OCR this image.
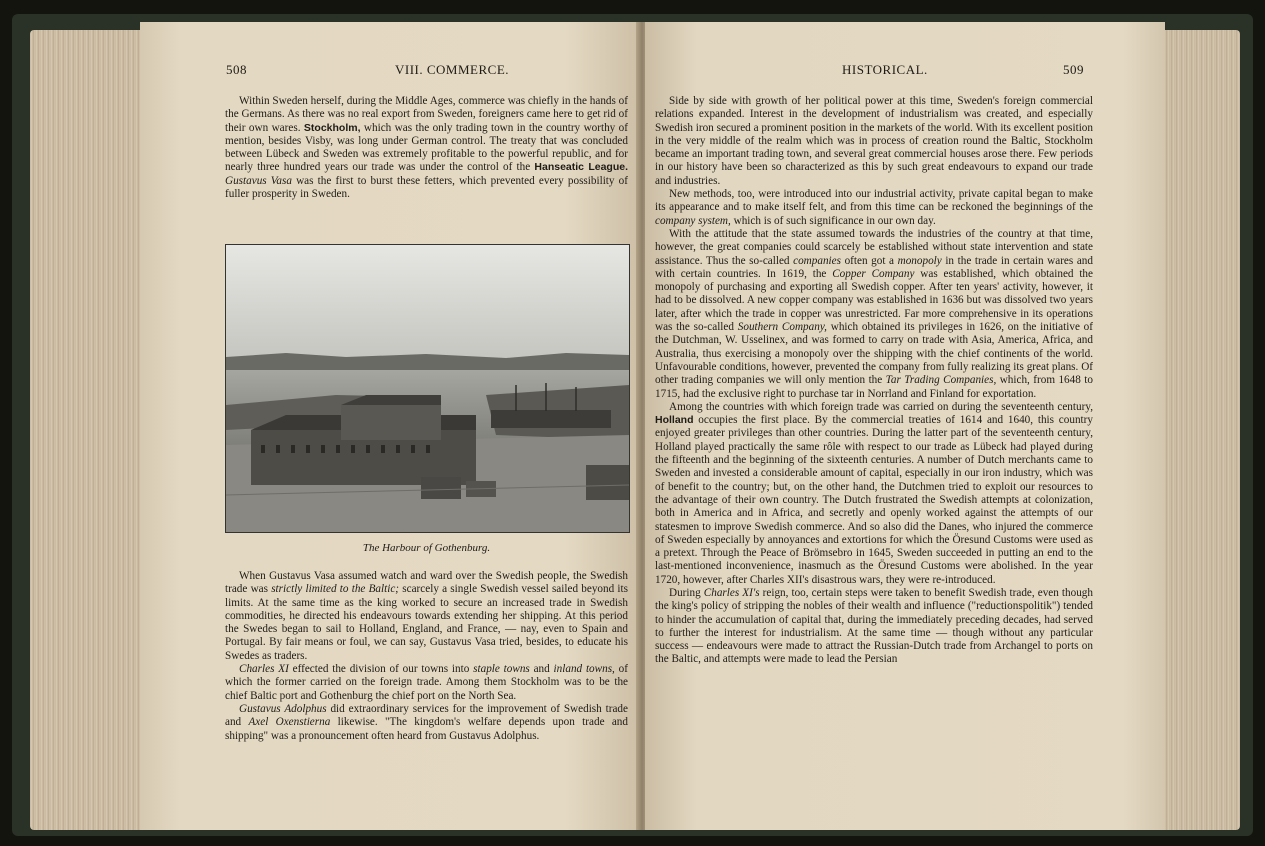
508	VIII. COMMERCE.

Within Sweden herself, during the Middle Ages, commerce was chiefly in the hands of the Germans. As there was no real export from Sweden, foreigners came here to get rid of their own wares. Stockholm, which was the only trading town in the country worthy of mention, besides Visby, was long under German control. The treaty that was concluded between Lübeck and Sweden was extremely profitable to the powerful republic, and for nearly three hundred years our trade was under the control of the Hanseatic League. Gustavus Vasa was the first to burst these fetters, which prevented every possibility of fuller prosperity in Sweden.

The Harbour of Gothenburg.

When Gustavus Vasa assumed watch and ward over the Swedish people, the Swedish trade was strictly limited to the Baltic; scarcely a single Swedish vessel sailed beyond its limits. At the same time as the king worked to secure an increased trade in Swedish commodities, he directed his endeavours towards extending her shipping. At this period the Swedes began to sail to Holland, England, and France, — nay, even to Spain and Portugal. By fair means or foul, we can say, Gustavus Vasa tried, besides, to educate his Swedes as traders.

Charles XI effected the division of our towns into staple towns and inland towns, of which the former carried on the foreign trade. Among them Stockholm was to be the chief Baltic port and Gothenburg the chief port on the North Sea.

Gustavus Adolphus did extraordinary services for the improvement of Swedish trade and Axel Oxenstierna likewise. "The kingdom's welfare depends upon trade and shipping" was a pronouncement often heard from Gustavus Adolphus.

HISTORICAL.	509

Side by side with growth of her political power at this time, Sweden's foreign commercial relations expanded. Interest in the development of industrialism was created, and especially Swedish iron secured a prominent position in the markets of the world. With its excellent position in the very middle of the realm which was in process of creation round the Baltic, Stockholm became an important trading town, and several great commercial houses arose there. Few periods in our history have been so characterized as this by such great endeavours to expand our trade and industries.

New methods, too, were introduced into our industrial activity, private capital began to make its appearance and to make itself felt, and from this time can be reckoned the beginnings of the company system, which is of such significance in our own day.

With the attitude that the state assumed towards the industries of the country at that time, however, the great companies could scarcely be established without state intervention and state assistance. Thus the so-called companies often got a monopoly in the trade in certain wares and with certain countries. In 1619, the Copper Company was established, which obtained the monopoly of purchasing and exporting all Swedish copper. After ten years' activity, however, it had to be dissolved. A new copper company was established in 1636 but was dissolved two years later, after which the trade in copper was unrestricted. Far more comprehensive in its operations was the so-called Southern Company, which obtained its privileges in 1626, on the initiative of the Dutchman, W. Usselinex, and was formed to carry on trade with Asia, America, Africa, and Australia, thus exercising a monopoly over the shipping with the chief continents of the world. Unfavourable conditions, however, prevented the company from fully realizing its great plans. Of other trading companies we will only mention the Tar Trading Companies, which, from 1648 to 1715, had the exclusive right to purchase tar in Norrland and Finland for exportation.

Among the countries with which foreign trade was carried on during the seventeenth century, Holland occupies the first place. By the commercial treaties of 1614 and 1640, this country enjoyed greater privileges than other countries. During the latter part of the seventeenth century, Holland played practically the same rôle with respect to our trade as Lübeck had played during the fifteenth and the beginning of the sixteenth centuries. A number of Dutch merchants came to Sweden and invested a considerable amount of capital, especially in our iron industry, which was of benefit to the country; but, on the other hand, the Dutchmen tried to exploit our resources to the advantage of their own country. The Dutch frustrated the Swedish attempts at colonization, both in America and in Africa, and secretly and openly worked against the attempts of our statesmen to improve Swedish commerce. And so also did the Danes, who injured the commerce of Sweden especially by annoyances and extortions for which the Öresund Customs were used as a pretext. Through the Peace of Brömsebro in 1645, Sweden succeeded in putting an end to the last-mentioned inconvenience, inasmuch as the Öresund Customs were abolished. In the year 1720, however, after Charles XII's disastrous wars, they were re-introduced.

During Charles XI's reign, too, certain steps were taken to benefit Swedish trade, even though the king's policy of stripping the nobles of their wealth and influence ("reductionspolitik") tended to hinder the accumulation of capital that, during the immediately preceding decades, had served to further the interest for industrialism. At the same time — though without any particular success — endeavours were made to attract the Russian-Dutch trade from Archangel to ports on the Baltic, and attempts were made to lead the Persian
